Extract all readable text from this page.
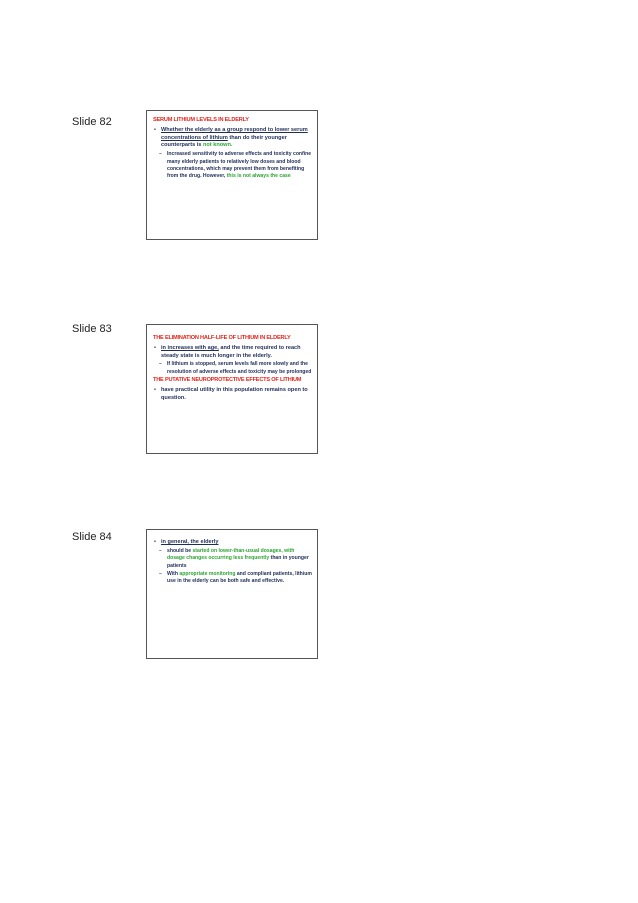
Slide 82	SERUM LITHIUM LEVELS IN ELDERLY
• Whether the elderly as a group respond to lower serum concentrations of lithium than do their younger counterparts is not known.
– Increased sensitivity to adverse effects and toxicity confine many elderly patients to relatively low doses and blood concentrations, which may prevent them from benefiting from the drug. However, this is not always the case
Slide 83
THE ELIMINATION HALF-LIFE OF LITHIUM IN ELDERLY
• in increases with age, and the time required to reach steady state is much longer in the elderly.
– If lithium is stopped, serum levels fall more slowly and the resolution of adverse effects and toxicity may be prolonged
THE PUTATIVE NEUROPROTECTIVE EFFECTS OF LITHIUM
• have practical utility in this population remains open to question.
Slide 84
•	in general, the elderly
– should be started on lower-than-usual dosages, with dosage changes occurring less frequently than in younger patients
– With appropriate monitoring and compliant patients, lithium use in the elderly can be both safe and effective.
